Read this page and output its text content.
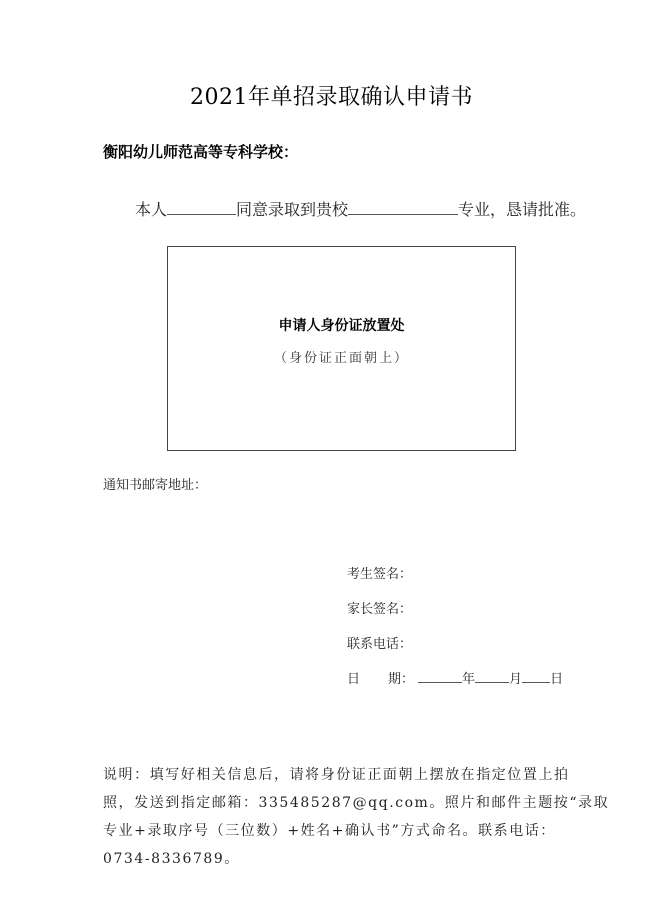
2021年单招录取确认申请书
衡阳幼儿师范高等专科学校：
本人	同意录取到贵校	专业，恳请批准。
申请人身份证放置处
（身份证正面朝上）
通知书邮寄地址：
考生签名：
家长签名：
联系电话：
日 期：	年	月 日
说明：填写好相关信息后，请将身份证正面朝上摆放在指定位置上拍
照，发送到指定邮箱：335485287@qq.com。照片和邮件主题按“录取
专业+录取序号（三位数）+姓名+确认书”方式命名。联系电话：
0734-8336789。
